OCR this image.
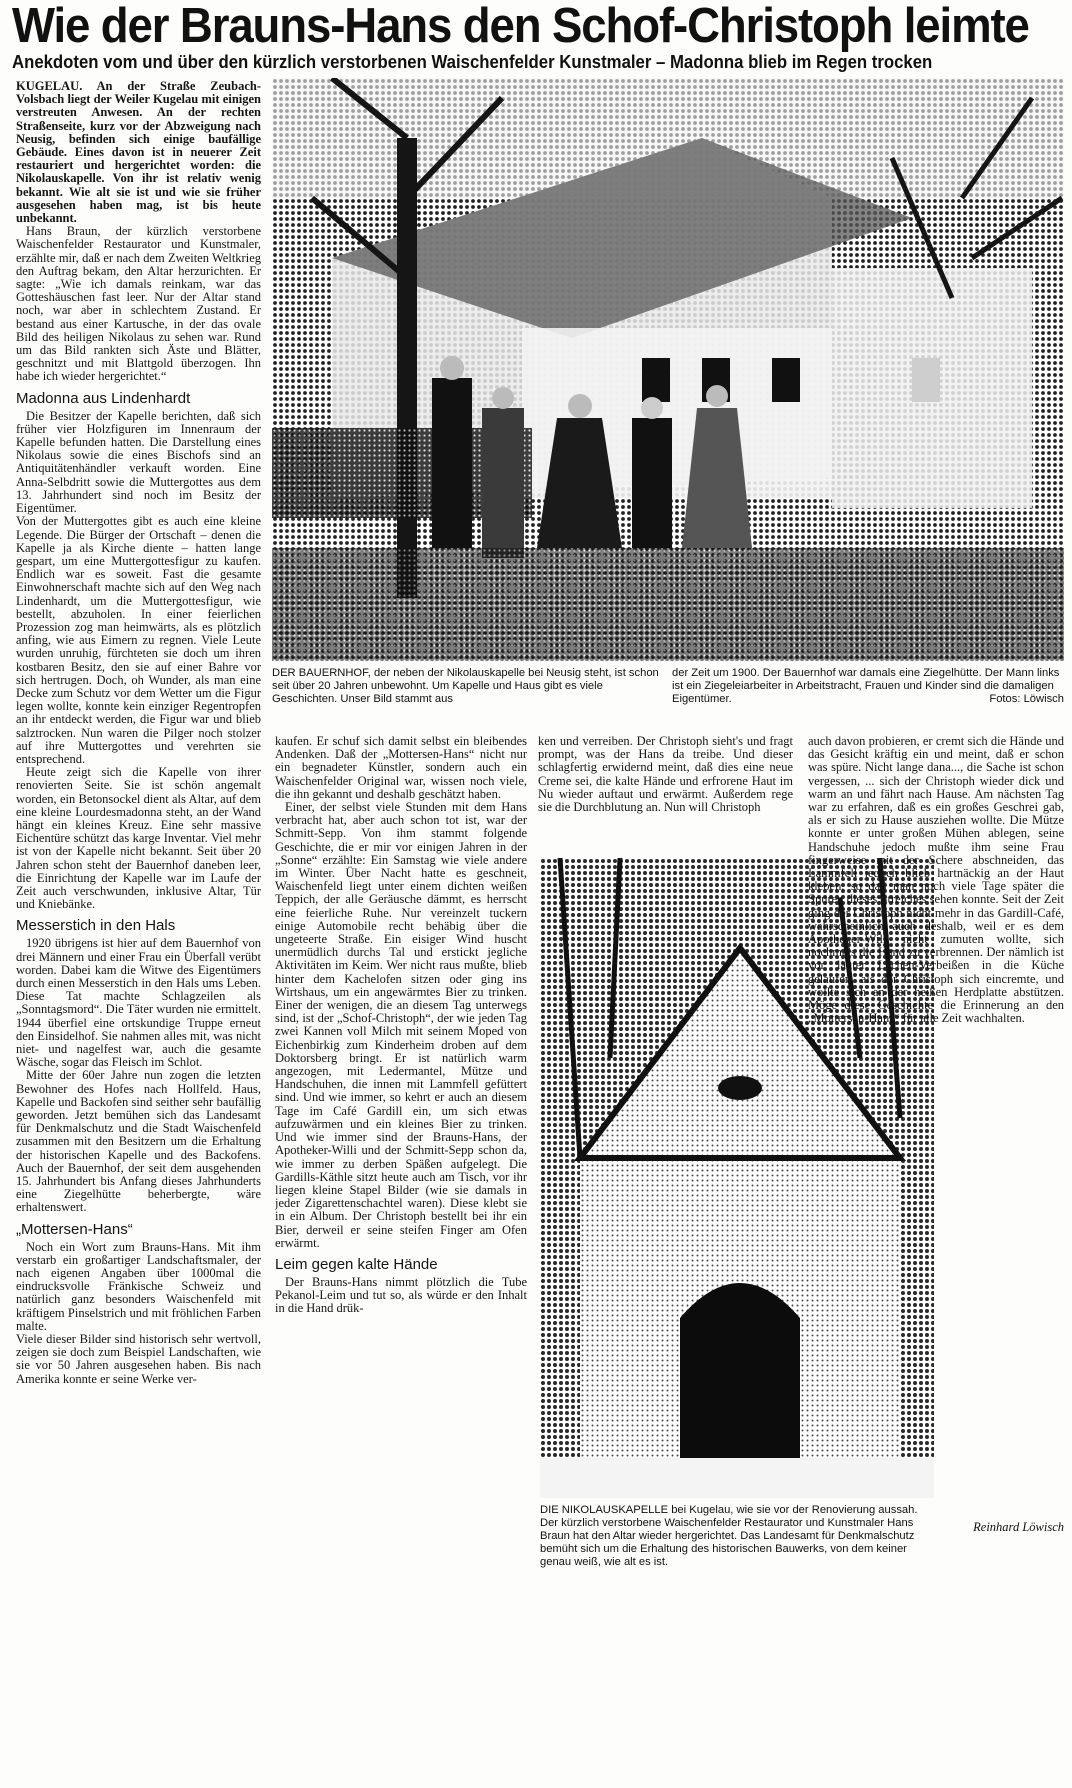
Wie der Brauns-Hans den Schof-Christoph leimte
Anekdoten vom und über den kürzlich verstorbenen Waischenfelder Kunstmaler – Madonna blieb im Regen trocken

KUGELAU. An der Straße Zeubach-Volsbach liegt der Weiler Kugelau mit einigen verstreuten Anwesen. An der rechten Straßenseite, kurz vor der Abzweigung nach Neusig, befinden sich einige baufällige Gebäude. Eines davon ist in neuerer Zeit restauriert und hergerichtet worden: die Nikolauskapelle. Von ihr ist relativ wenig bekannt. Wie alt sie ist und wie sie früher ausgesehen haben mag, ist bis heute unbekannt.

Hans Braun, der kürzlich verstorbene Waischenfelder Restaurator und Kunstmaler, erzählte mir, daß er nach dem Zweiten Weltkrieg den Auftrag bekam, den Altar herzurichten. Er sagte: „Wie ich damals reinkam, war das Gotteshäuschen fast leer. Nur der Altar stand noch, war aber in schlechtem Zustand. Er bestand aus einer Kartusche, in der das ovale Bild des heiligen Nikolaus zu sehen war. Rund um das Bild rankten sich Äste und Blätter, geschnitzt und mit Blattgold überzogen. Ihn habe ich wieder hergerichtet.“

Madonna aus Lindenhardt

Die Besitzer der Kapelle berichten, daß sich früher vier Holzfiguren im Innenraum der Kapelle befunden hatten. Die Darstellung eines Nikolaus sowie die eines Bischofs sind an Antiquitätenhändler verkauft worden. Eine Anna-Selbdritt sowie die Muttergottes aus dem 13. Jahrhundert sind noch im Besitz der Eigentümer.

Von der Muttergottes gibt es auch eine kleine Legende. Die Bürger der Ortschaft – denen die Kapelle ja als Kirche diente – hatten lange gespart, um eine Muttergottesfigur zu kaufen. Endlich war es soweit. Fast die gesamte Einwohnerschaft machte sich auf den Weg nach Lindenhardt, um die Muttergottesfigur, wie bestellt, abzuholen. In einer feierlichen Prozession zog man heimwärts, als es plötzlich anfing, wie aus Eimern zu regnen. Viele Leute wurden unruhig, fürchteten sie doch um ihren kostbaren Besitz, den sie auf einer Bahre vor sich hertrugen. Doch, oh Wunder, als man eine Decke zum Schutz vor dem Wetter um die Figur legen wollte, konnte kein einziger Regentropfen an ihr entdeckt werden, die Figur war und blieb salztrocken. Nun waren die Pilger noch stolzer auf ihre Muttergottes und verehrten sie entsprechend.

Heute zeigt sich die Kapelle von ihrer renovierten Seite. Sie ist schön angemalt worden, ein Betonsockel dient als Altar, auf dem eine kleine Lourdesmadonna steht, an der Wand hängt ein kleines Kreuz. Eine sehr massive Eichentüre schützt das karge Inventar. Viel mehr ist von der Kapelle nicht bekannt. Seit über 20 Jahren schon steht der Bauernhof daneben leer, die Einrichtung der Kapelle war im Laufe der Zeit auch verschwunden, inklusive Altar, Tür und Kniebänke.

Messerstich in den Hals

1920 übrigens ist hier auf dem Bauernhof von drei Männern und einer Frau ein Überfall verübt worden. Dabei kam die Witwe des Eigentümers durch einen Messerstich in den Hals ums Leben. Diese Tat machte Schlagzeilen als „Sonntagsmord“. Die Täter wurden nie ermittelt. 1944 überfiel eine ortskundige Truppe erneut den Einsidelhof. Sie nahmen alles mit, was nicht niet- und nagelfest war, auch die gesamte Wäsche, sogar das Fleisch im Schlot.

Mitte der 60er Jahre nun zogen die letzten Bewohner des Hofes nach Hollfeld. Haus, Kapelle und Backofen sind seither sehr baufällig geworden. Jetzt bemühen sich das Landesamt für Denkmalschutz und die Stadt Waischenfeld zusammen mit den Besitzern um die Erhaltung der historischen Kapelle und des Backofens. Auch der Bauernhof, der seit dem ausgehenden 15. Jahrhundert bis Anfang dieses Jahrhunderts eine Ziegelhütte beherbergte, wäre erhaltenswert.

„Mottersen-Hans“

Noch ein Wort zum Brauns-Hans. Mit ihm verstarb ein großartiger Landschaftsmaler, der nach eigenen Angaben über 1000mal die eindrucksvolle Fränkische Schweiz und natürlich ganz besonders Waischenfeld mit kräftigem Pinselstrich und mit fröhlichen Farben malte.

Viele dieser Bilder sind historisch sehr wertvoll, zeigen sie doch zum Beispiel Landschaften, wie sie vor 50 Jahren ausgesehen haben. Bis nach Amerika konnte er seine Werke ver-

DER BAUERNHOF, der neben der Nikolauskapelle bei Neusig steht, ist schon seit über 20 Jahren unbewohnt. Um Kapelle und Haus gibt es viele Geschichten. Unser Bild stammt aus
der Zeit um 1900. Der Bauernhof war damals eine Ziegelhütte. Der Mann links ist ein Ziegeleiarbeiter in Arbeitstracht, Frauen und Kinder sind die damaligen Eigentümer.	Fotos: Löwisch

kaufen. Er schuf sich damit selbst ein bleibendes Andenken. Daß der „Mottersen-Hans“ nicht nur ein begnadeter Künstler, sondern auch ein Waischenfelder Original war, wissen noch viele, die ihn gekannt und deshalb geschätzt haben.

Einer, der selbst viele Stunden mit dem Hans verbracht hat, aber auch schon tot ist, war der Schmitt-Sepp. Von ihm stammt folgende Geschichte, die er mir vor einigen Jahren in der „Sonne“ erzählte: Ein Samstag wie viele andere im Winter. Über Nacht hatte es geschneit, Waischenfeld liegt unter einem dichten weißen Teppich, der alle Geräusche dämmt, es herrscht eine feierliche Ruhe. Nur vereinzelt tuckern einige Automobile recht behäbig über die ungeteerte Straße. Ein eisiger Wind huscht unermüdlich durchs Tal und erstickt jegliche Aktivitäten im Keim. Wer nicht raus mußte, blieb hinter dem Kachelofen sitzen oder ging ins Wirtshaus, um ein angewärmtes Bier zu trinken. Einer der wenigen, die an diesem Tag unterwegs sind, ist der „Schof-Christoph“, der wie jeden Tag zwei Kannen voll Milch mit seinem Moped von Eichenbirkig zum Kinderheim droben auf dem Doktorsberg bringt. Er ist natürlich warm angezogen, mit Ledermantel, Mütze und Handschuhen, die innen mit Lammfell gefüttert sind. Und wie immer, so kehrt er auch an diesem Tage im Café Gardill ein, um sich etwas aufzuwärmen und ein kleines Bier zu trinken. Und wie immer sind der Brauns-Hans, der Apotheker-Willi und der Schmitt-Sepp schon da, wie immer zu derben Späßen aufgelegt. Die Gardills-Käthle sitzt heute auch am Tisch, vor ihr liegen kleine Stapel Bilder (wie sie damals in jeder Zigarettenschachtel waren). Diese klebt sie in ein Album. Der Christoph bestellt bei ihr ein Bier, derweil er seine steifen Finger am Ofen erwärmt.

Leim gegen kalte Hände

Der Brauns-Hans nimmt plötzlich die Tube Pekanol-Leim und tut so, als würde er den Inhalt in die Hand drük-

ken und verreiben. Der Christoph sieht's und fragt prompt, was der Hans da treibe. Und dieser schlagfertig erwidernd meint, daß dies eine neue Creme sei, die kalte Hände und erfrorene Haut im Nu wieder auftaut und erwärmt. Außerdem rege sie die Durchblutung an. Nun will Christoph

DIE NIKOLAUSKAPELLE bei Kugelau, wie sie vor der Renovierung aussah. Der kürzlich verstorbene Waischenfelder Restaurator und Kunstmaler Hans Braun hat den Altar wieder hergerichtet. Das Landesamt für Denkmalschutz bemüht sich um die Erhaltung des historischen Bauwerks, von dem keiner genau weiß, wie alt es ist.

auch davon probieren, er cremt sich die Hände und das Gesicht kräftig ein und meint, daß er schon was spüre. Nicht lange dana..., die Sache ist schon vergessen, ... sich der Christoph wieder dick und warm an und fährt nach Hause. Am nächsten Tag war zu erfahren, daß es ein großes Geschrei gab, als er sich zu Hause ausziehen wollte. Die Mütze konnte er unter großen Mühen ablegen, seine Handschuhe jedoch mußte ihm seine Frau fingerweise mit der Schere abschneiden, das Lammfell jedoch blieb hartnäckig an der Haut kleben, so daß man noch viele Tage später die Spuren dieses Streiches sehen konnte. Seit der Zeit ging der Christoph nicht mehr in das Gardill-Café, wahrscheinlich auch deshalb, weil er es dem Apotheker-Willi nicht zumuten wollte, sich nochmals die Hand zu verbrennen. Der nämlich ist vor lauter Lachen-Verbeißen in die Küche gelaufen, als der Christoph sich eincremte, und wollte sich an der heißen Herdplatte abstützen. Möge diese Geschichte die Erinnerung an den „Mottersen-Hans“ für alle Zeit wachhalten.

Reinhard Löwisch
